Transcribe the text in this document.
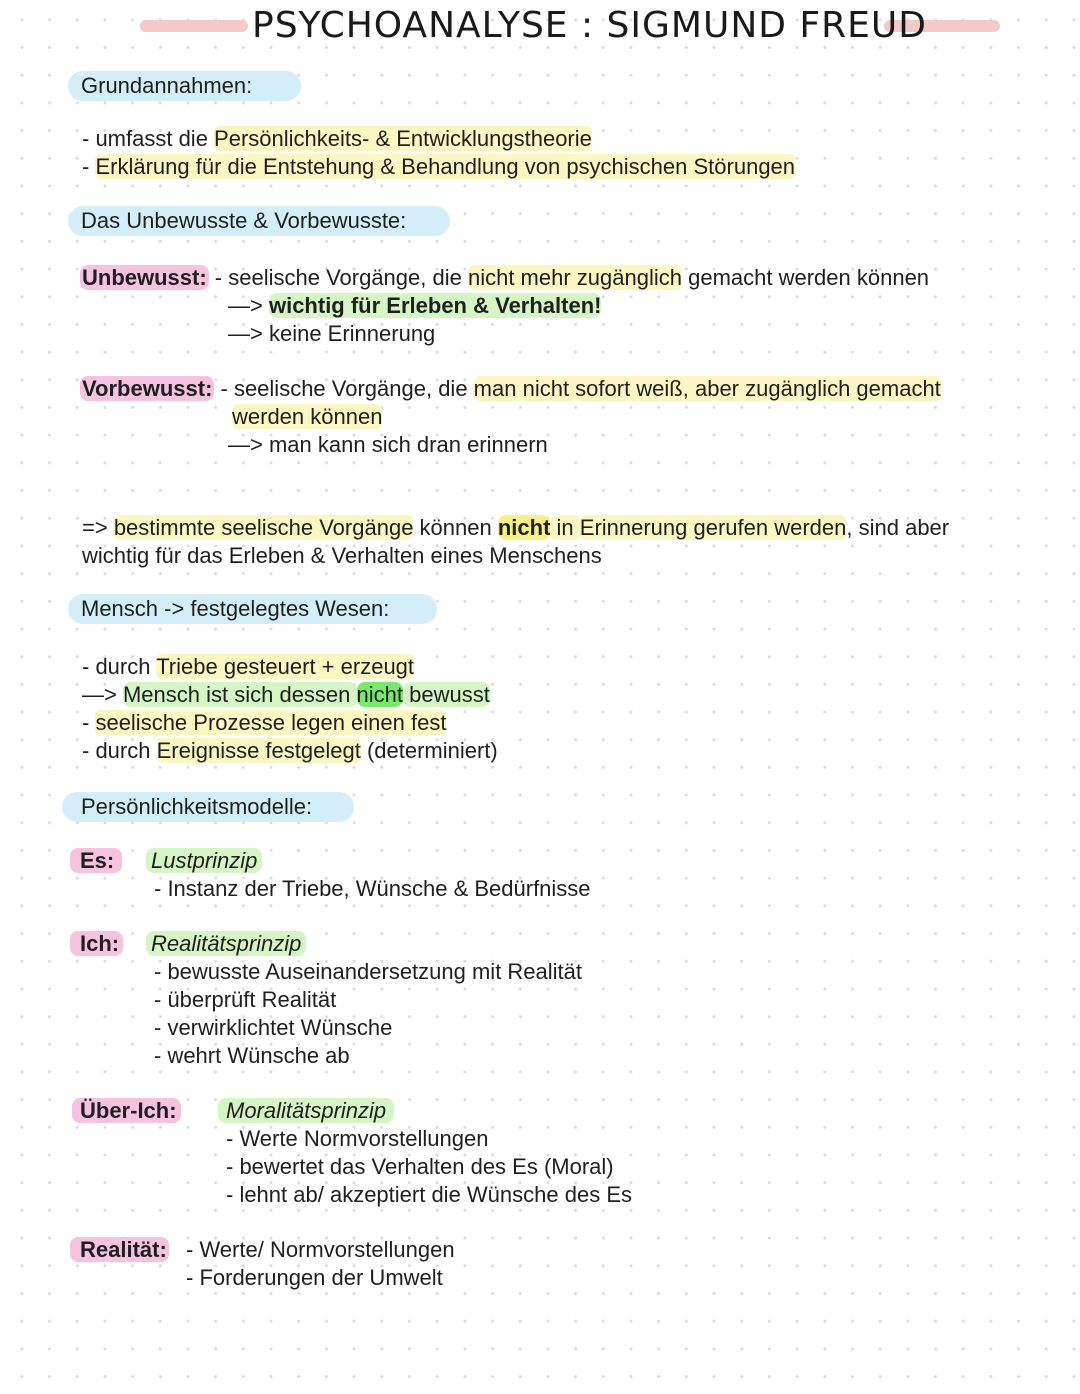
PSYCHOANALYSE : SIGMUND FREUD
Grundannahmen:

- umfasst die Persönlichkeits- & Entwicklungstheorie

- Erklärung für die Entstehung & Behandlung von psychischen Störungen

Das Unbewusste & Vorbewusste:

Unbewusst: - seelische Vorgänge, die nicht mehr zugänglich gemacht werden können

—> wichtig für Erleben & Verhalten!

—> keine Erinnerung

Vorbewusst: - seelische Vorgänge, die man nicht sofort weiß, aber zugänglich gemacht

werden können

—> man kann sich dran erinnern

=> bestimmte seelische Vorgänge können nicht in Erinnerung gerufen werden, sind aber

wichtig für das Erleben & Verhalten eines Menschens

Mensch -> festgelegtes Wesen:

- durch Triebe gesteuert + erzeugt

—> Mensch ist sich dessen nicht bewusst

- seelische Prozesse legen einen fest

- durch Ereignisse festgelegt (determiniert)

Persönlichkeitsmodelle:

Es:	Lustprinzip

- Instanz der Triebe, Wünsche & Bedürfnisse

Ich: Realitätsprinzip

- bewusste Auseinandersetzung mit Realität

- überprüft Realität

- verwirklichtet Wünsche

- wehrt Wünsche ab

Über-Ich:	Moralitätsprinzip

- Werte Normvorstellungen

- bewertet das Verhalten des Es (Moral)

- lehnt ab/ akzeptiert die Wünsche des Es

Realität: - Werte/ Normvorstellungen

- Forderungen der Umwelt
